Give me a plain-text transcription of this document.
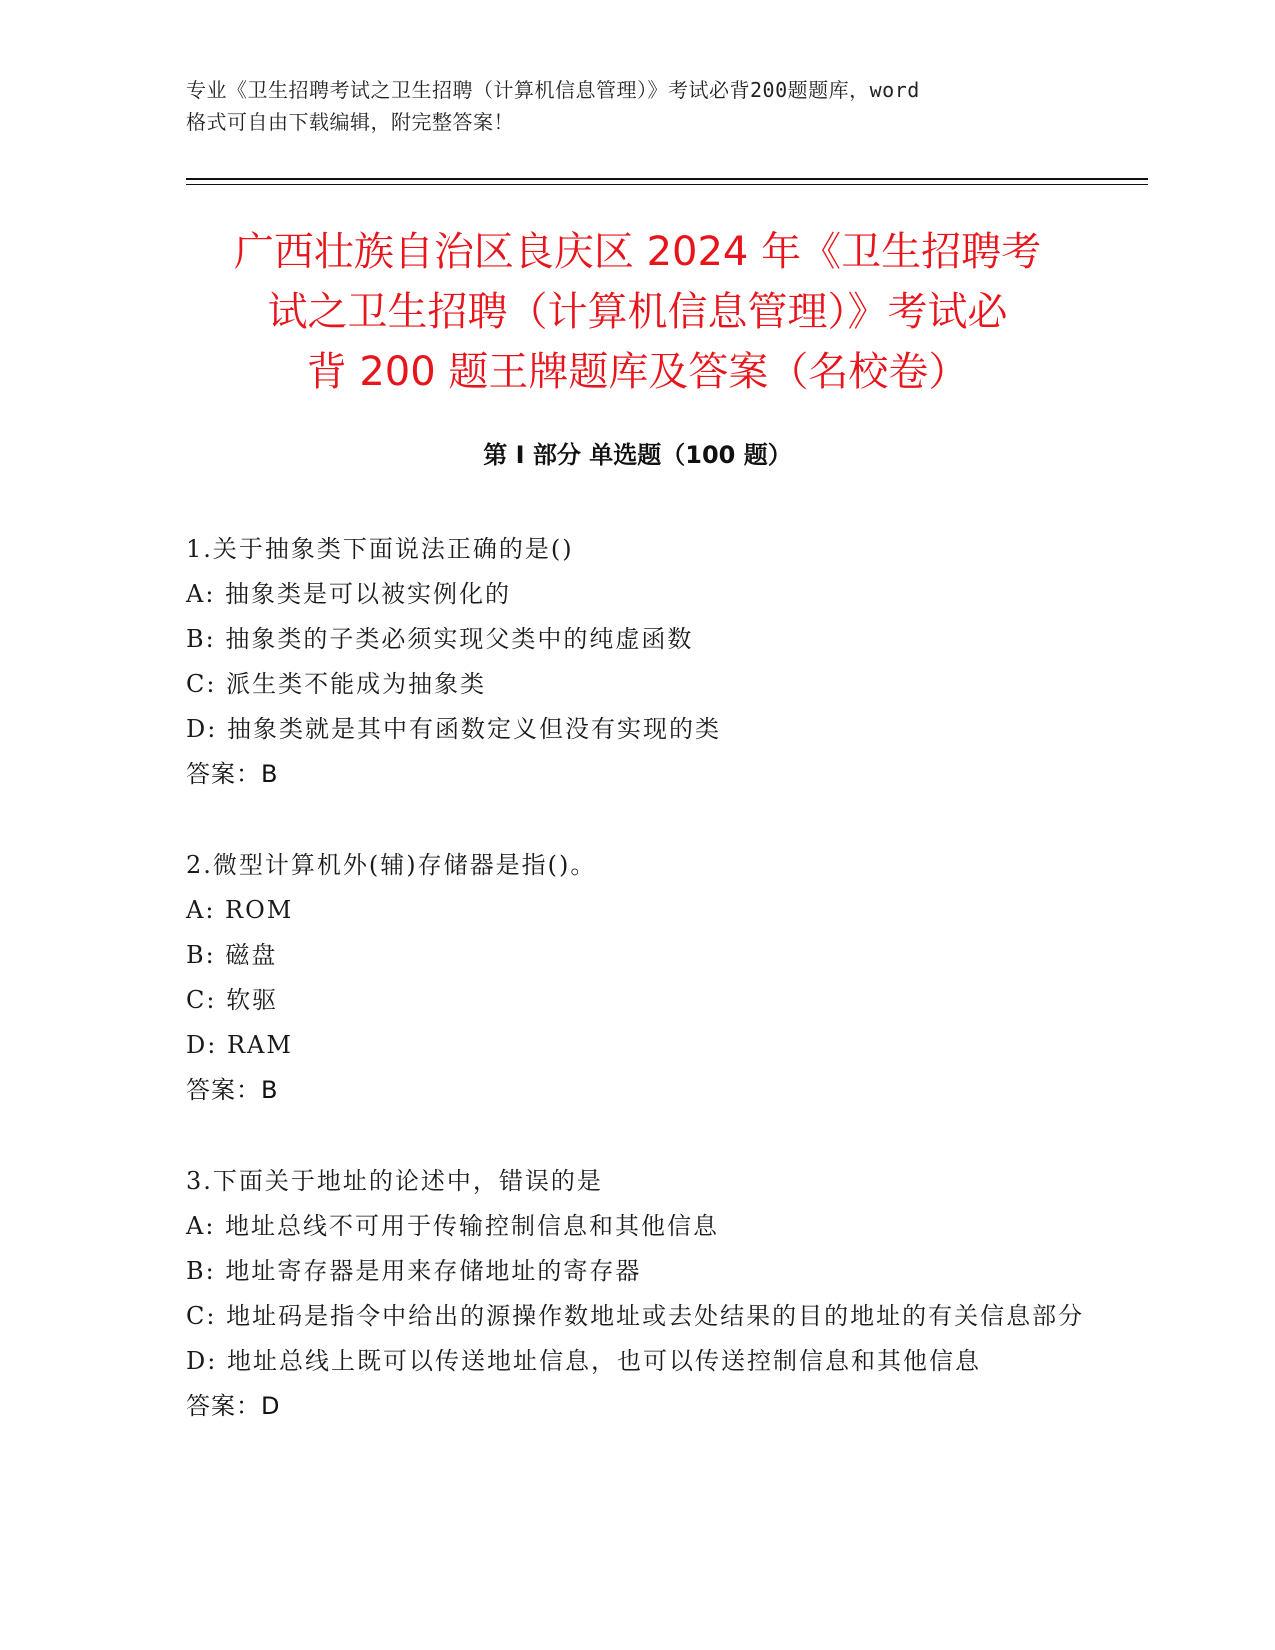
专业《卫生招聘考试之卫生招聘（计算机信息管理）》考试必背200题题库，word
格式可自由下载编辑，附完整答案！
广西壮族自治区良庆区 2024 年《卫生招聘考
试之卫生招聘（计算机信息管理）》考试必
背 200 题王牌题库及答案（名校卷）
第 I 部分 单选题（100 题）
1.关于抽象类下面说法正确的是()
A: 抽象类是可以被实例化的
B: 抽象类的子类必须实现父类中的纯虚函数
C: 派生类不能成为抽象类
D: 抽象类就是其中有函数定义但没有实现的类
答案：B
2.微型计算机外(辅)存储器是指()。
A: ROM
B: 磁盘
C: 软驱
D: RAM
答案：B
3.下面关于地址的论述中，错误的是
A: 地址总线不可用于传输控制信息和其他信息
B: 地址寄存器是用来存储地址的寄存器
C: 地址码是指令中给出的源操作数地址或去处结果的目的地址的有关信息部分
D: 地址总线上既可以传送地址信息，也可以传送控制信息和其他信息
答案：D
